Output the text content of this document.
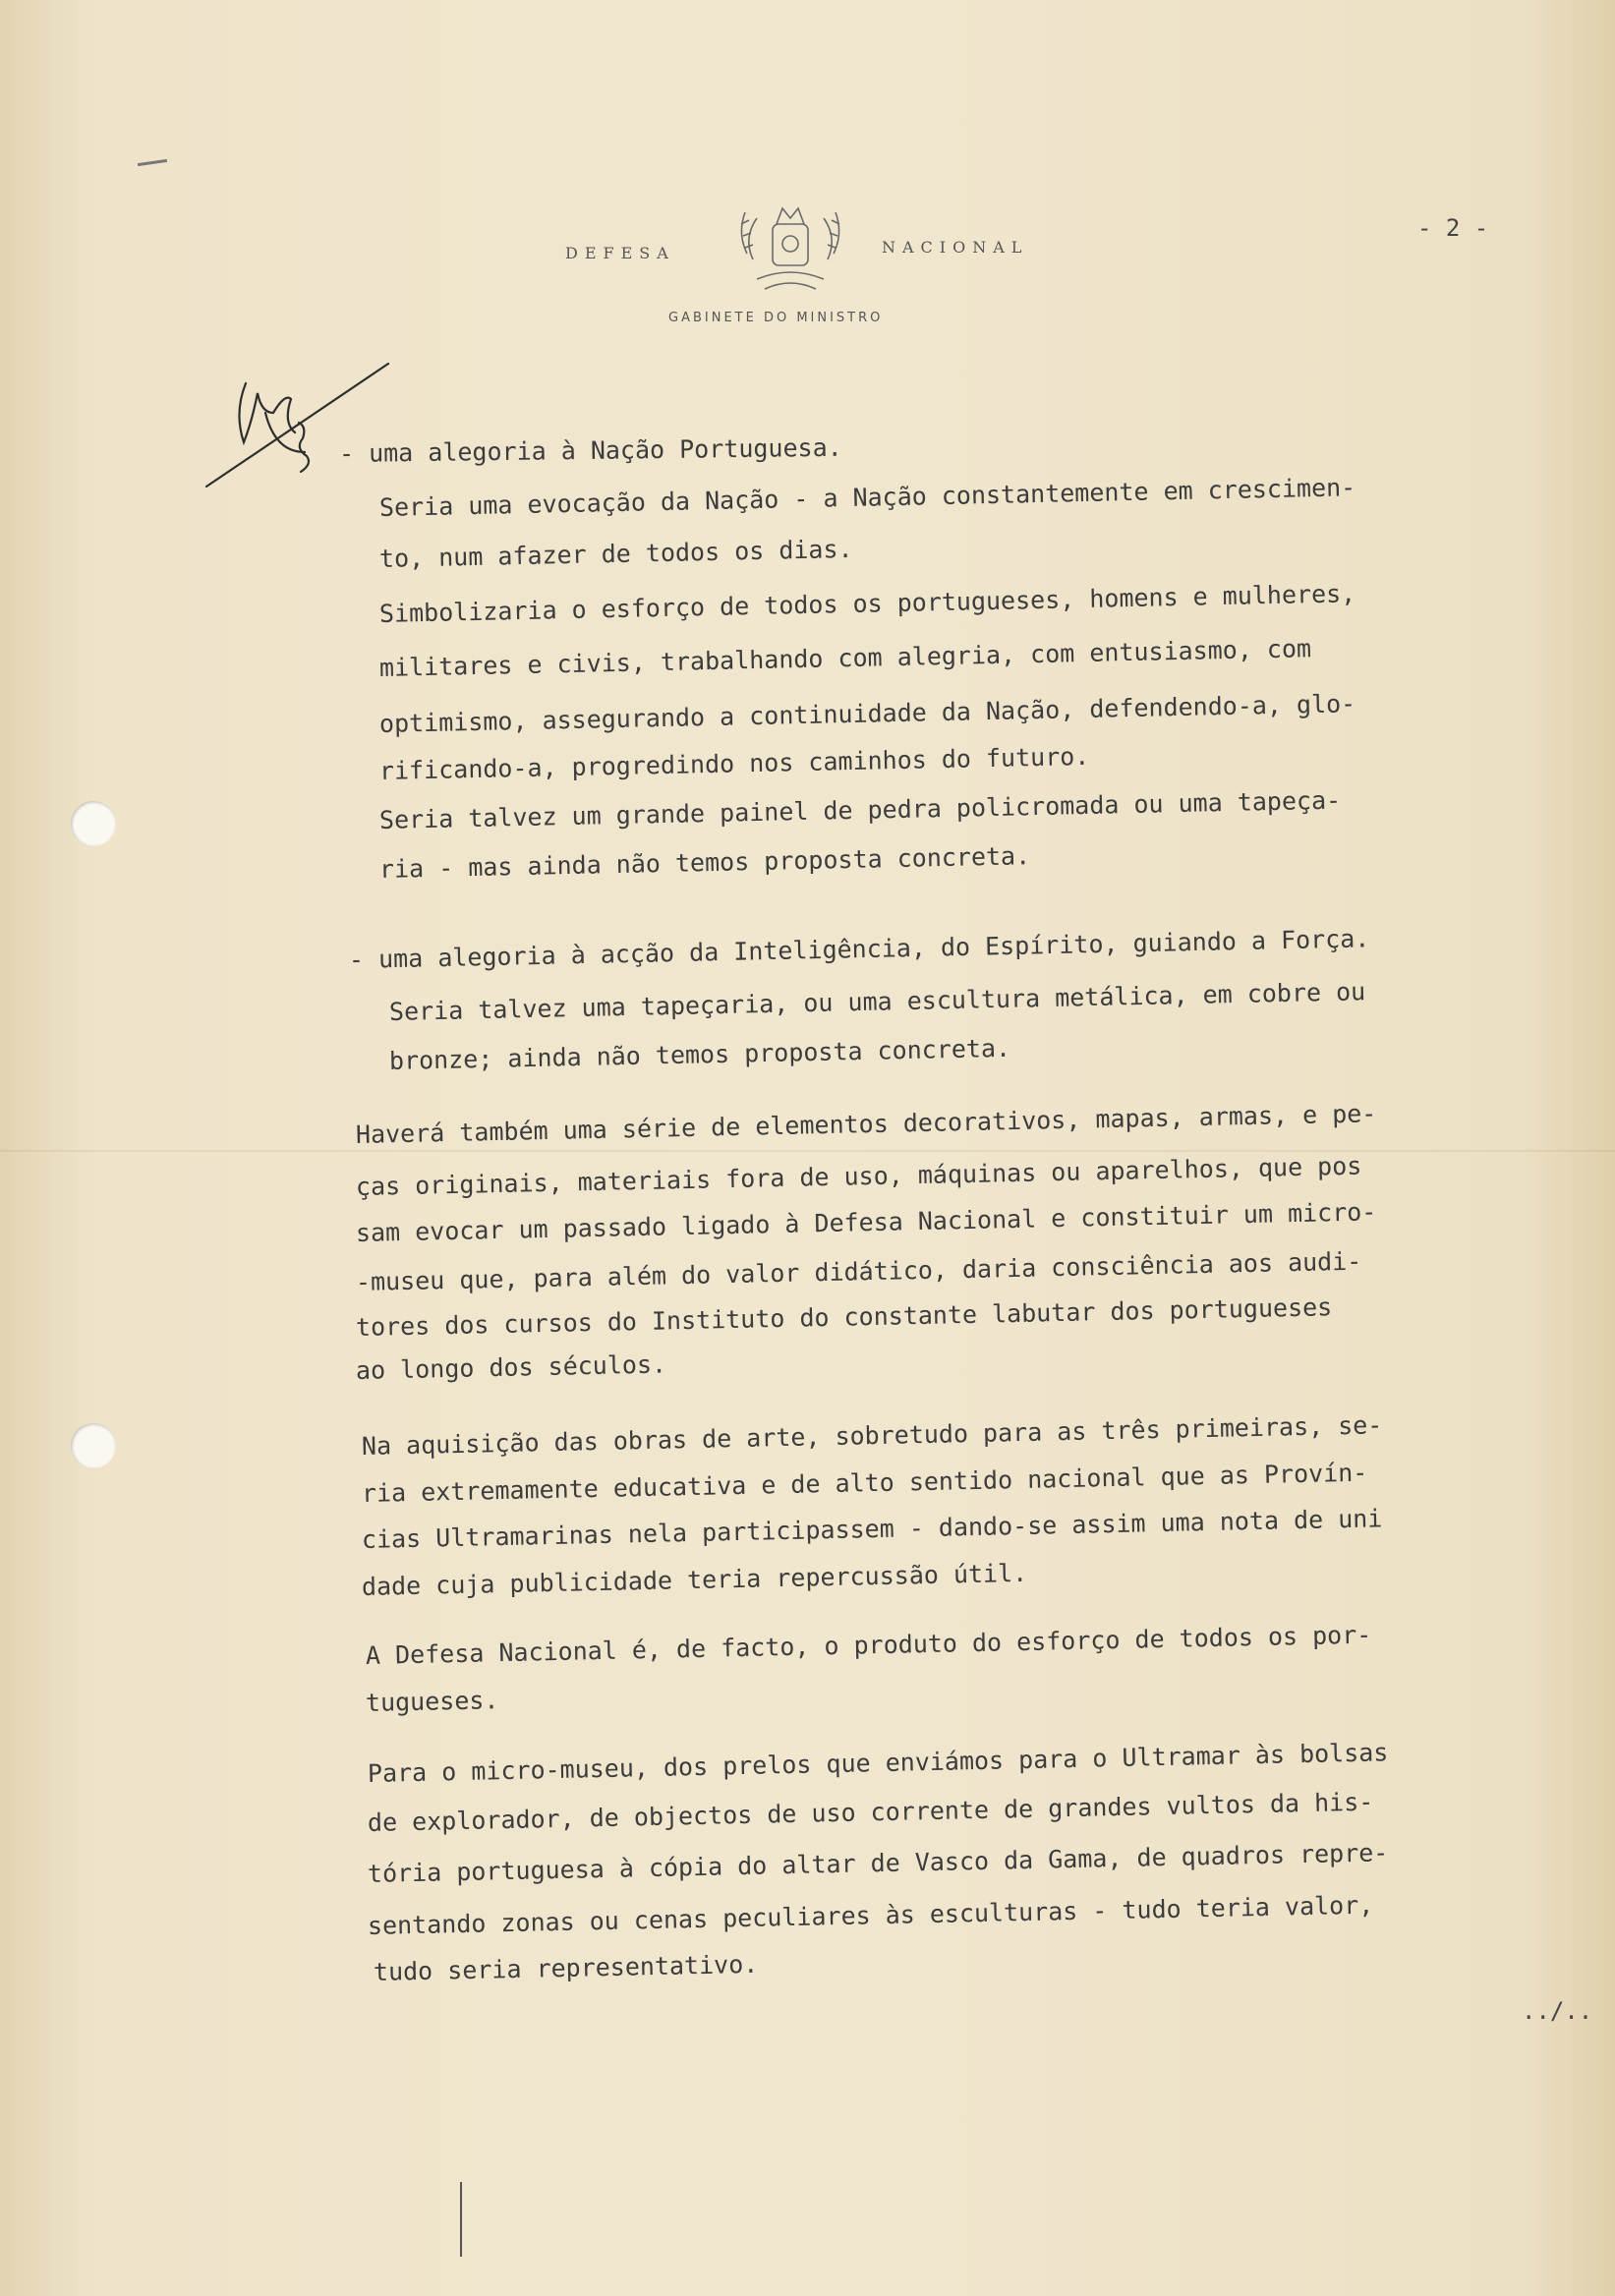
DEFESA	NACIONAL
GABINETE DO MINISTRO
- 2 -
- uma alegoria à Nação Portuguesa.
Seria uma evocação da Nação - a Nação constantemente em crescimen-
to, num afazer de todos os dias.
Simbolizaria o esforço de todos os portugueses, homens e mulheres,
militares e civis, trabalhando com alegria, com entusiasmo, com
optimismo, assegurando a continuidade da Nação, defendendo-a, glo-
rificando-a, progredindo nos caminhos do futuro.
Seria talvez um grande painel de pedra policromada ou uma tapeça-
ria - mas ainda não temos proposta concreta.
- uma alegoria à acção da Inteligência, do Espírito, guiando a Força.
Seria talvez uma tapeçaria, ou uma escultura metálica, em cobre ou
bronze; ainda não temos proposta concreta.
Haverá também uma série de elementos decorativos, mapas, armas, e pe-
ças originais, materiais fora de uso, máquinas ou aparelhos, que pos
sam evocar um passado ligado à Defesa Nacional e constituir um micro-
-museu que, para além do valor didático, daria consciência aos audi-
tores dos cursos do Instituto do constante labutar dos portugueses
ao longo dos séculos.
Na aquisição das obras de arte, sobretudo para as três primeiras, se-
ria extremamente educativa e de alto sentido nacional que as Provín-
cias Ultramarinas nela participassem - dando-se assim uma nota de uni
dade cuja publicidade teria repercussão útil.
A Defesa Nacional é, de facto, o produto do esforço de todos os por-
tugueses.
Para o micro-museu, dos prelos que enviámos para o Ultramar às bolsas
de explorador, de objectos de uso corrente de grandes vultos da his-
tória portuguesa à cópia do altar de Vasco da Gama, de quadros repre-
sentando zonas ou cenas peculiares às esculturas - tudo teria valor,
tudo seria representativo.
../..
